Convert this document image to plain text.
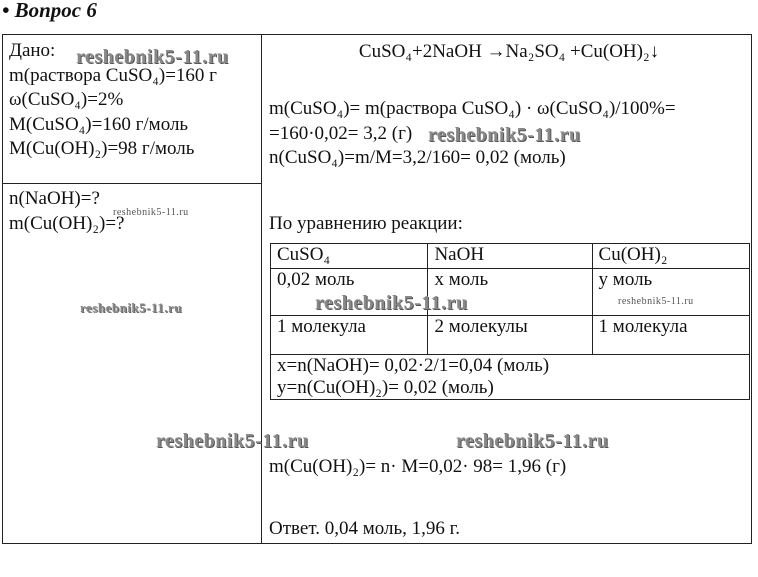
• Вопрос 6
Дано:
m(раствора CuSO₄)=160 г
ω(CuSO₄)=2%
M(CuSO₄)=160 г/моль
M(Cu(OH)₂)=98 г/моль
n(NaOH)=?
m(Cu(OH)₂)=?
CuSO₄+2NaOH →Na₂SO₄ +Cu(OH)₂↓
m(CuSO₄)= m(раствора CuSO₄) · ω(CuSO₄)/100%=
=160·0,02= 3,2 (г)
n(CuSO₄)=m/M=3,2/160= 0,02 (моль)
По уравнению реакции:
CuSO₄	NaOH	Cu(OH)₂
0,02 моль	x моль	y моль
1 молекула	2 молекулы	1 молекула

x=n(NaOH)= 0,02·2/1=0,04 (моль)
y=n(Cu(OH)₂)= 0,02 (моль)		
m(Cu(OH)₂)= n· M=0,02· 98= 1,96 (г)
Ответ. 0,04 моль, 1,96 г.
reshebnik5-11.ru
reshebnik5-11.ru
reshebnik5-11.ru
reshebnik5-11.ru	reshebnik5-11.ru	reshebnik5-11.ru
reshebnik5-11.ru	reshebnik5-11.ru
